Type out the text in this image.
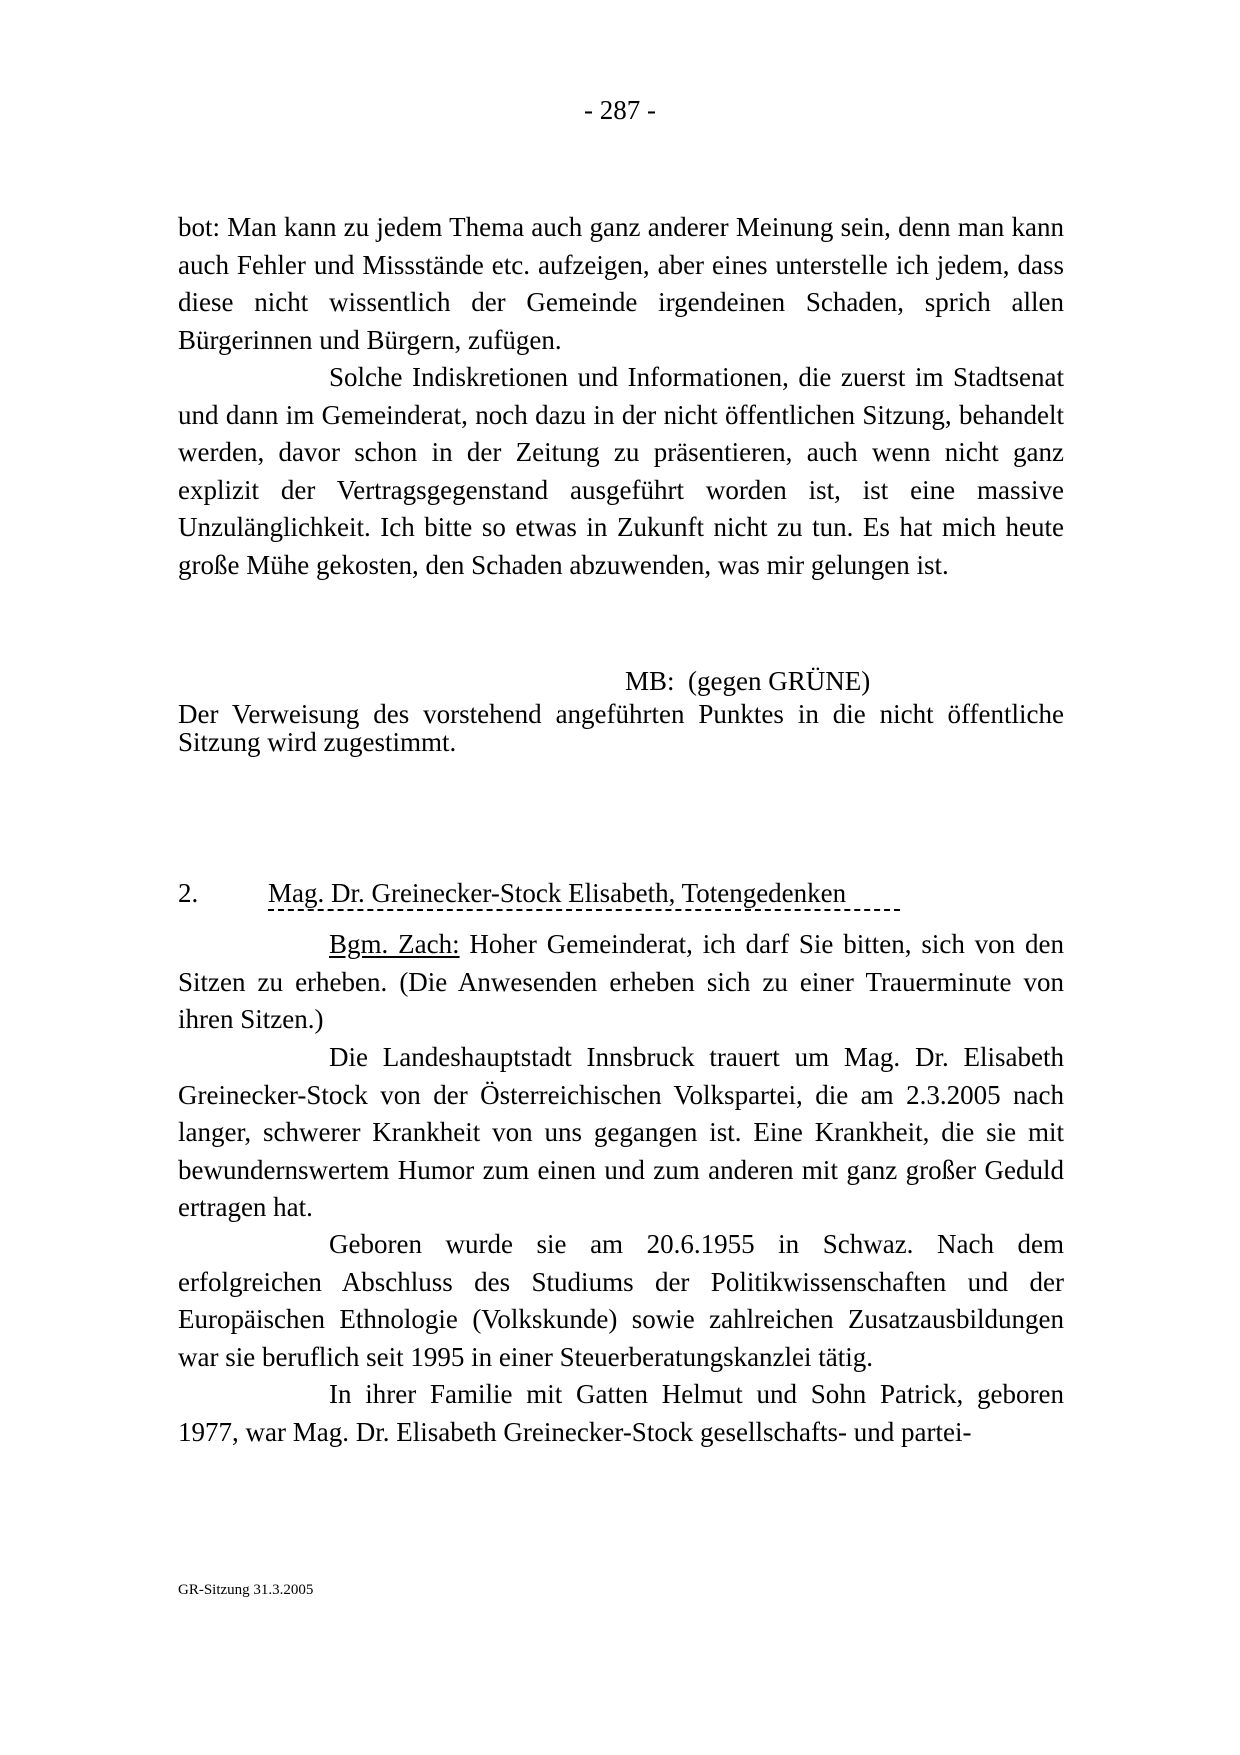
- 287 -

bot: Man kann zu jedem Thema auch ganz anderer Meinung sein, denn man kann auch Fehler und Missstände etc. aufzeigen, aber eines unterstelle ich jedem, dass diese nicht wissentlich der Gemeinde irgendeinen Schaden, sprich allen Bürgerinnen und Bürgern, zufügen.

Solche Indiskretionen und Informationen, die zuerst im Stadtsenat und dann im Gemeinderat, noch dazu in der nicht öffentlichen Sitzung, behandelt werden, davor schon in der Zeitung zu präsentieren, auch wenn nicht ganz explizit der Vertragsgegenstand ausgeführt worden ist, ist eine massive Unzulänglichkeit. Ich bitte so etwas in Zukunft nicht zu tun. Es hat mich heute große Mühe gekosten, den Schaden abzuwenden, was mir gelungen ist.

MB:  (gegen GRÜNE)

Der Verweisung des vorstehend angeführten Punktes in die nicht öffentliche Sitzung wird zugestimmt.

2.	Mag. Dr. Greinecker-Stock Elisabeth, Totengedenken

Bgm. Zach: Hoher Gemeinderat, ich darf Sie bitten, sich von den Sitzen zu erheben. (Die Anwesenden erheben sich zu einer Trauerminute von ihren Sitzen.)

Die Landeshauptstadt Innsbruck trauert um Mag. Dr. Elisabeth Greinecker-Stock von der Österreichischen Volkspartei, die am 2.3.2005 nach langer, schwerer Krankheit von uns gegangen ist. Eine Krankheit, die sie mit bewundernswertem Humor zum einen und zum anderen mit ganz großer Geduld ertragen hat.

Geboren wurde sie am 20.6.1955 in Schwaz. Nach dem erfolgreichen Abschluss des Studiums der Politikwissenschaften und der Europäischen Ethnologie (Volkskunde) sowie zahlreichen Zusatzausbildungen war sie beruflich seit 1995 in einer Steuerberatungskanzlei tätig.

In ihrer Familie mit Gatten Helmut und Sohn Patrick, geboren 1977, war Mag. Dr. Elisabeth Greinecker-Stock gesellschafts- und partei-

GR-Sitzung 31.3.2005
